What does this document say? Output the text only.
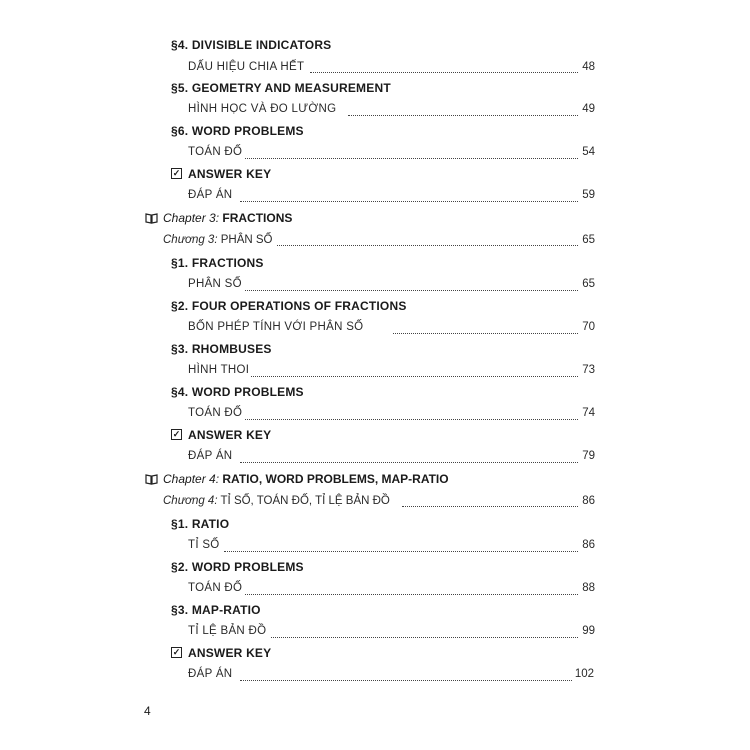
§4. DIVISIBLE INDICATORS
DẤU HIỆU CHIA HẾT	48
§5. GEOMETRY AND MEASUREMENT
HÌNH HỌC VÀ ĐO LƯỜNG	49
§6. WORD PROBLEMS
TOÁN ĐỐ	54
✓ ANSWER KEY
ĐÁP ÁN	59
Chapter 3: FRACTIONS
Chương 3: PHÂN SỐ	65
§1. FRACTIONS
PHÂN SỐ	65
§2. FOUR OPERATIONS OF FRACTIONS
BỐN PHÉP TÍNH VỚI PHÂN SỐ	70
§3. RHOMBUSES
HÌNH THOI	73
§4. WORD PROBLEMS
TOÁN ĐỐ	74
✓ ANSWER KEY
ĐÁP ÁN	79
Chapter 4: RATIO, WORD PROBLEMS, MAP-RATIO
Chương 4: TỈ SỐ, TOÁN ĐỐ, TỈ LỆ BẢN ĐỒ	86
§1. RATIO
TỈ SỐ	86
§2. WORD PROBLEMS
TOÁN ĐỐ	88
§3. MAP-RATIO
TỈ LỆ BẢN ĐỒ	99
✓ ANSWER KEY
ĐÁP ÁN	102
4
